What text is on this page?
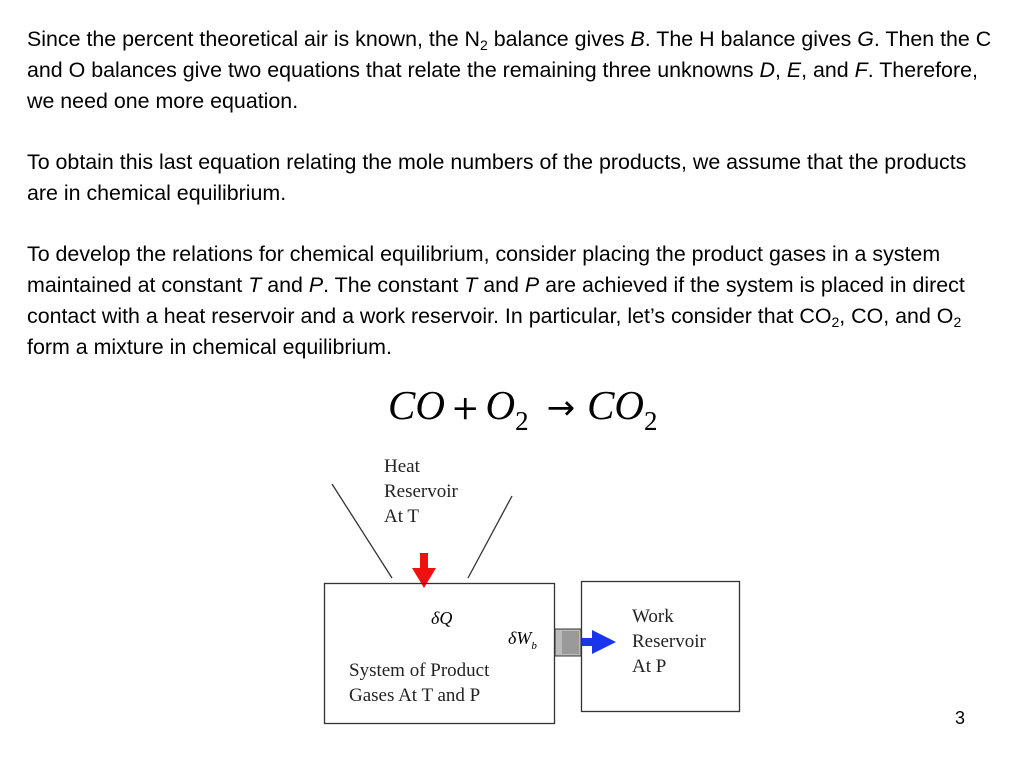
Since the percent theoretical air is known, the $N_2$ balance gives B. The H balance gives G. Then the C and O balances give two equations that relate the remaining three unknowns D, E, and F. Therefore, we need one more equation.

To obtain this last equation relating the mole numbers of the products, we assume that the products are in chemical equilibrium.

To develop the relations for chemical equilibrium, consider placing the product gases in a system maintained at constant T and P. The constant T and P are achieved if the system is placed in direct contact with a heat reservoir and a work reservoir. In particular, let’s consider that $CO_2$, CO, and $O_2$ form a mixture in chemical equilibrium.

CO + $O_2 \to CO_2$
Heat
Reservoir
At T
δQ
$\delta W_b$
Work
Reservoir
At P
System of Product
Gases At T and P
3
